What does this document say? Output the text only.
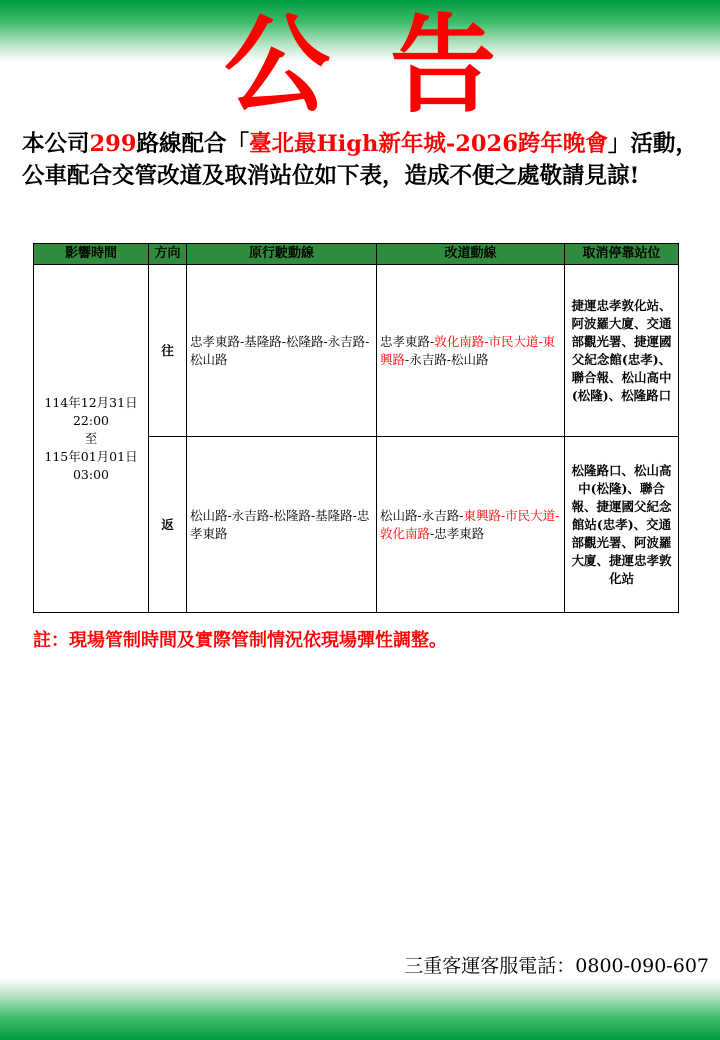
公 告
本公司299路線配合「臺北最High新年城-2026跨年晚會」活動，公車配合交管改道及取消站位如下表，造成不便之處敬請見諒!
影響時間	方向	原行駛動線	改道動線	取消停靠站位

114年12月31日
22:00
至
115年01月01日
03:00	往	忠孝東路-基隆路-松隆路-永吉路-松山路	忠孝東路-敦化南路-市民大道-東興路-永吉路-松山路	捷運忠孝敦化站、阿波羅大廈、交通部觀光署、捷運國父紀念館(忠孝)、聯合報、松山高中(松隆)、松隆路口
	返	松山路-永吉路-松隆路-基隆路-忠孝東路	松山路-永吉路-東興路-市民大道-敦化南路-忠孝東路	松隆路口、松山高中(松隆)、聯合報、捷運國父紀念館站(忠孝)、交通部觀光署、阿波羅大廈、捷運忠孝敦化站
註：現場管制時間及實際管制情況依現場彈性調整。
三重客運客服電話：0800-090-607
